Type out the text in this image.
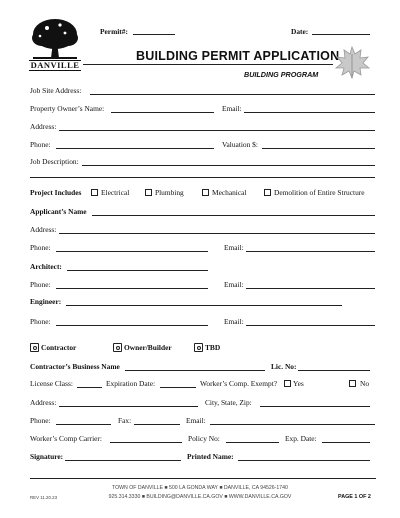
DANVILLE
Permit#:	Date:
BUILDING PERMIT APPLICATION
BUILDING PROGRAM
Job Site Address:
Property Owner’s Name:	Email:
Address:
Phone:	Valuation $:
Job Description:
Project Includes	Electrical	Plumbing	Mechanical	Demolition of Entire Structure
Applicant’s Name
Address:
Phone:	Email:
Architect:
Phone:	Email:
Engineer:
Phone:	Email:
Contractor	Owner/Builder	TBD
Contractor’s Business Name	Lic. No:
License Class:	Expiration Date:	Worker’s Comp. Exempt? Yes	No
Address:	City, State, Zip:
Phone:	Fax:	Email:
Worker’s Comp Carrier:	Policy No:	Exp. Date:
Signature:	Printed Name:
TOWN OF DANVILLE ■ 500 LA GONDA WAY ■ DANVILLE, CA 94526-1740
925.314.3330 ■ BUILDING@DANVILLE.CA.GOV ■ WWW.DANVILLE.CA.GOV
REV 11.20.23	PAGE 1 OF 2
